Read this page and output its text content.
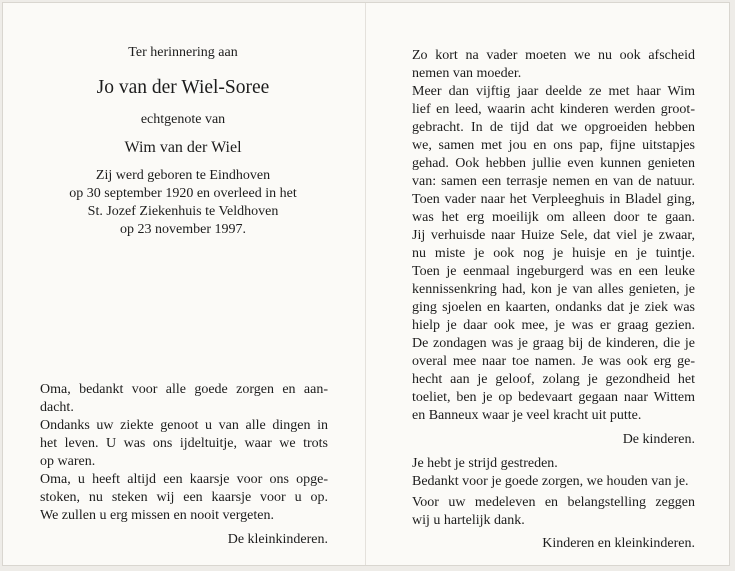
Ter herinnering aan
Jo van der Wiel-Soree
echtgenote van
Wim van der Wiel
Zij werd geboren te Eindhoven
op 30 september 1920 en overleed in het
St. Jozef Ziekenhuis te Veldhoven
op 23 november 1997.
Oma, bedankt voor alle goede zorgen en aan-
dacht.
Ondanks uw ziekte genoot u van alle dingen in
het leven. U was ons ijdeltuitje, waar we trots
op waren.
Oma, u heeft altijd een kaarsje voor ons opge-
stoken, nu steken wij een kaarsje voor u op.
We zullen u erg missen en nooit vergeten.
De kleinkinderen.
Zo kort na vader moeten we nu ook afscheid
nemen van moeder.
Meer dan vijftig jaar deelde ze met haar Wim
lief en leed, waarin acht kinderen werden groot-
gebracht. In de tijd dat we opgroeiden hebben
we, samen met jou en ons pap, fijne uitstapjes
gehad. Ook hebben jullie even kunnen genieten
van: samen een terrasje nemen en van de natuur.
Toen vader naar het Verpleeghuis in Bladel ging,
was het erg moeilijk om alleen door te gaan.
Jij verhuisde naar Huize Sele, dat viel je zwaar,
nu miste je ook nog je huisje en je tuintje.
Toen je eenmaal ingeburgerd was en een leuke
kennissenkring had, kon je van alles genieten, je
ging sjoelen en kaarten, ondanks dat je ziek was
hielp je daar ook mee, je was er graag gezien.
De zondagen was je graag bij de kinderen, die je
overal mee naar toe namen. Je was ook erg ge-
hecht aan je geloof, zolang je gezondheid het
toeliet, ben je op bedevaart gegaan naar Wittem
en Banneux waar je veel kracht uit putte.
De kinderen.
Je hebt je strijd gestreden.
Bedankt voor je goede zorgen, we houden van je.
Voor uw medeleven en belangstelling zeggen
wij u hartelijk dank.
Kinderen en kleinkinderen.
